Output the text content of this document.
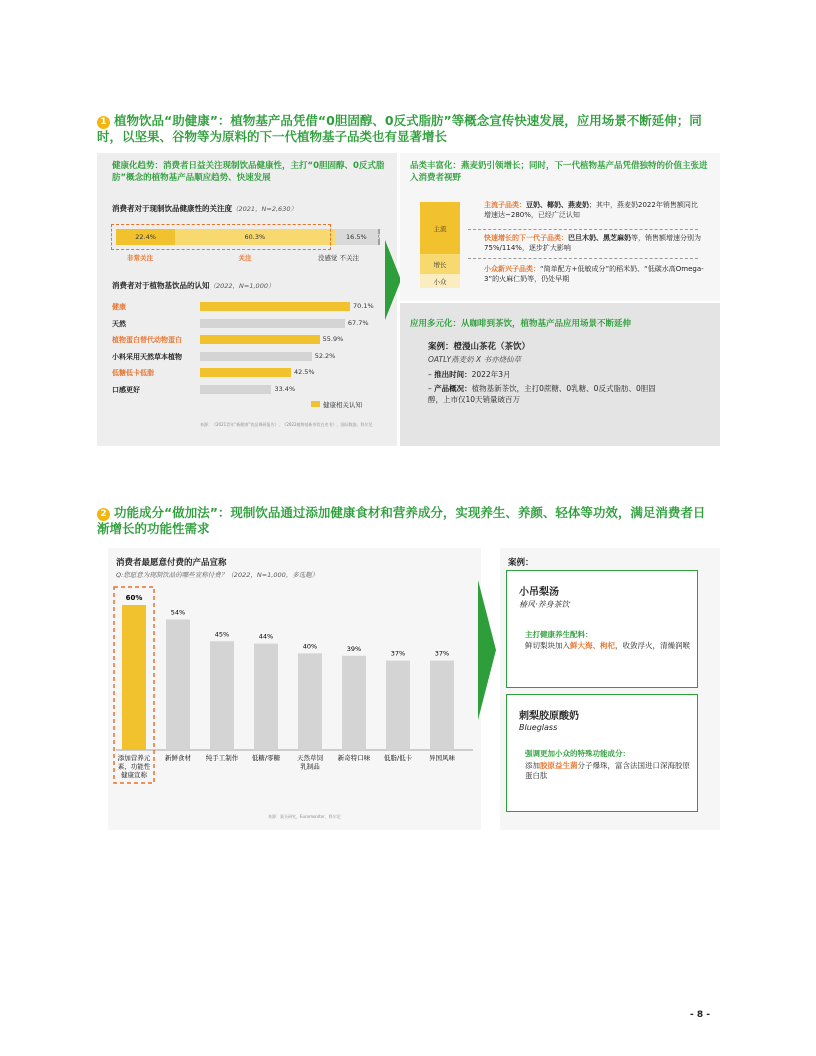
1 植物饮品“助健康”：植物基产品凭借“0胆固醇、0反式脂肪”等概念宣传快速发展，应用场景不断延伸；同时，以坚果、谷物等为原料的下一代植物基子品类也有显著增长
健康化趋势：消费者日益关注现制饮品健康性，主打“0胆固醇、0反式脂肪”概念的植物基产品顺应趋势、快速发展
消费者对于现制饮品健康性的关注度（2021，N=2,630）
22.4%	60.3%	16.5%
非常关注	关注	没感觉 不关注
消费者对于植物基饮品的认知（2022，N=1,000）
健康	70.1%
天然	67.7%
植物蛋白替代动物蛋白	55.9%
小料采用天然草本植物	52.2%
低糖低卡低脂	42.5%
口感更好	33.4%
健康相关认知
来源：《2021青年“新健康”饮品调研报告》，《2022植物基新茶饮白皮书》，国际数据，科尔尼
品类丰富化：燕麦奶引领增长；同时，下一代植物基产品凭借独特的价值主张进入消费者视野
主流
增长
小众
主流子品类：豆奶、椰奶、燕麦奶；其中，燕麦奶2022年销售额同比增速达~280%，已经广泛认知
快速增长的下一代子品类：巴旦木奶、黑芝麻奶等，销售额增速分别为75%/114%，逐步扩大影响
小众新兴子品类：“简单配方+低敏成分”的稻米奶、“低碳水高Omega-3”的火麻仁奶等，仍处早期
应用多元化：从咖啡到茶饮，植物基产品应用场景不断延伸
案例：橙漫山茶花（茶饮）
OATLY燕麦奶 X 书亦烧仙草
– 推出时间：2022年3月
– 产品概况：植物基新茶饮，主打0蔗糖、0乳糖、0反式脂肪、0胆固醇，上市仅10天销量破百万
2 功能成分“做加法”：现制饮品通过添加健康食材和营养成分，实现养生、养颜、轻体等功效，满足消费者日渐增长的功能性需求
消费者最愿意付费的产品宣称
Q:您愿意为现制饮品的哪些宣称付费？（2022，N=1,000，多选题）
60%
54%
45%	44%
40%	39%
37%	37%
添加营养元
素，功能性
健康宣称
新鲜食材 纯手工制作 低糖/零糖	天然草饲
乳制品
新奇特口味 低脂/低卡	异国风味
来源：案头研究，Euromonitor，科尔尼
案例：
小吊梨汤
椿风·养身茶饮
主打健康养生配料：
鲜切梨块加入鲜大海、枸杞，收敛浮火，清燥润喉
刺梨胶原酸奶
Blueglass
强调更加小众的特殊功能成分：
添加胶原益生菌分子爆珠，富含法国进口深海胶原蛋白肽
- 8 -
